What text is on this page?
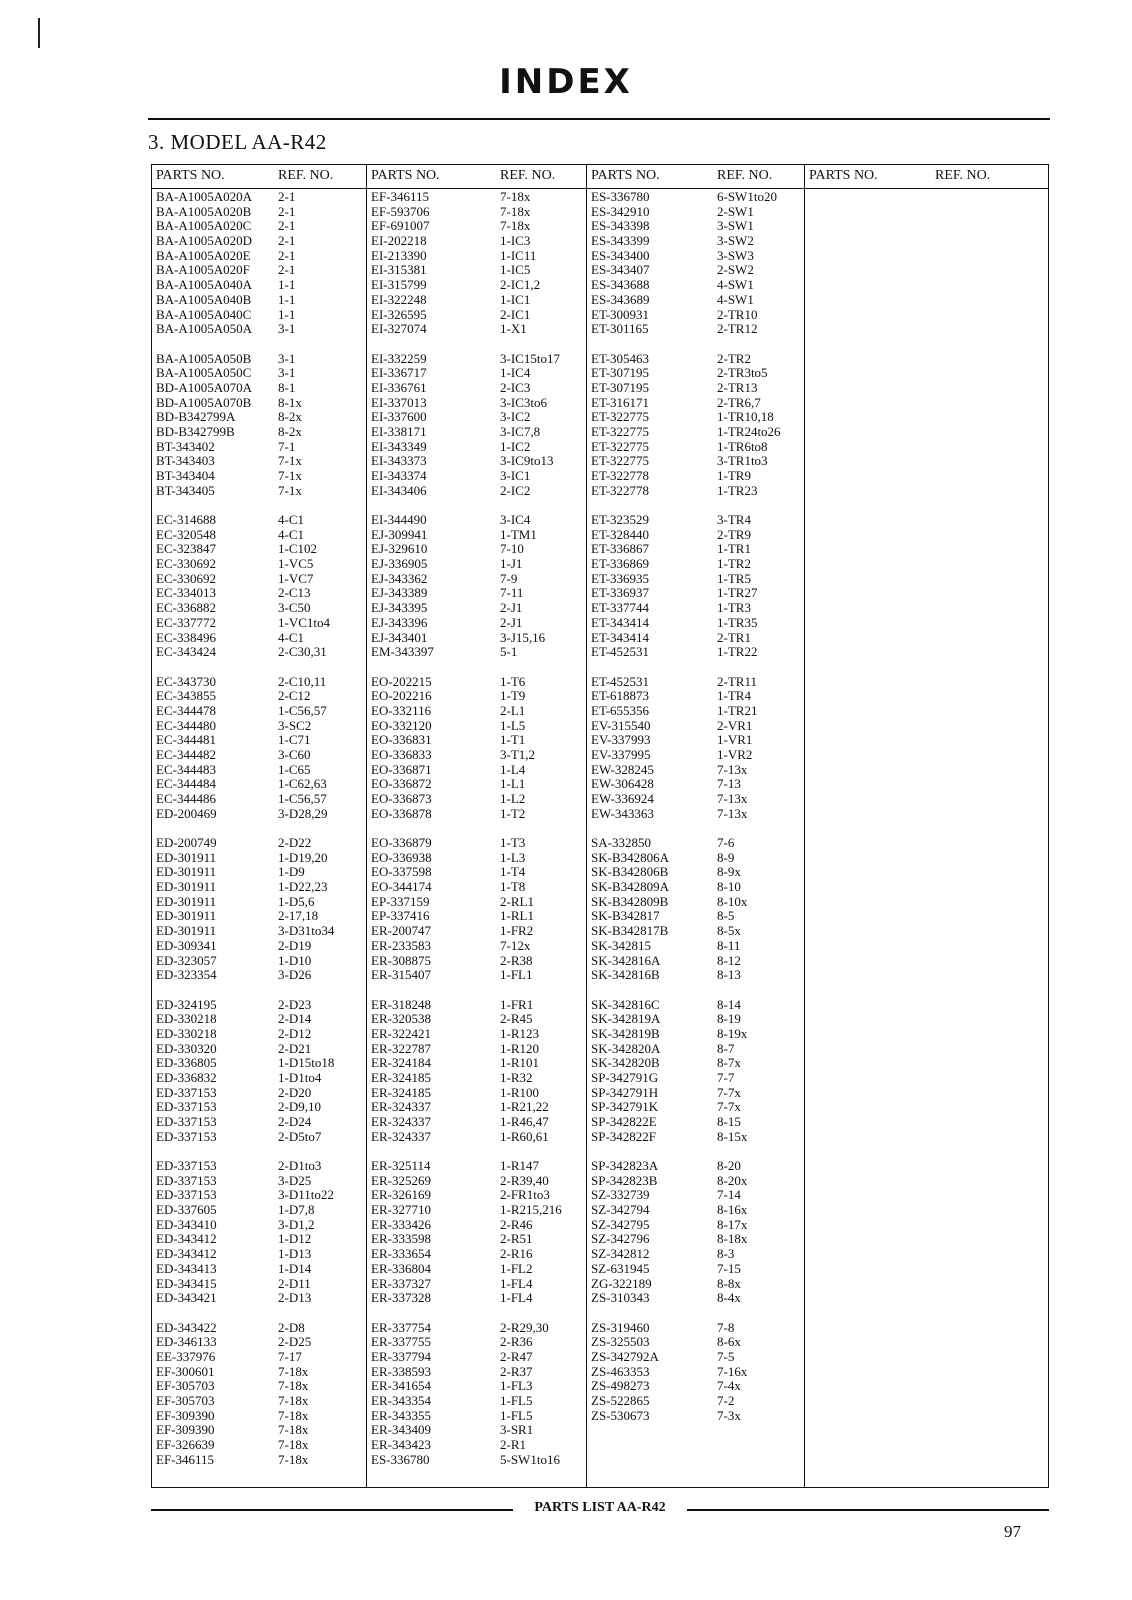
INDEX
3. MODEL AA-R42
PARTS NO.	REF. NO.
BA-A1005A020A 2-1
BA-A1005A020B 2-1
BA-A1005A020C 2-1
BA-A1005A020D 2-1
BA-A1005A020E 2-1
BA-A1005A020F 2-1
BA-A1005A040A 1-1
BA-A1005A040B 1-1
BA-A1005A040C 1-1
BA-A1005A050A 3-1
BA-A1005A050B 3-1
BA-A1005A050C 3-1
BD-A1005A070A 8-1
BD-A1005A070B 8-1x
BD-B342799A	8-2x
BD-B342799B	8-2x
BT-343402	7-1
BT-343403	7-1x
BT-343404	7-1x
BT-343405	7-1x
EC-314688	4-C1
EC-320548	4-C1
EC-323847	1-C102
EC-330692	1-VC5
EC-330692	1-VC7
EC-334013	2-C13
EC-336882	3-C50
EC-337772	1-VC1to4
EC-338496	4-C1
EC-343424	2-C30,31
EC-343730	2-C10,11
EC-343855	2-C12
EC-344478	1-C56,57
EC-344480	3-SC2
EC-344481	1-C71
EC-344482	3-C60
EC-344483	1-C65
EC-344484	1-C62,63
EC-344486	1-C56,57
ED-200469	3-D28,29
ED-200749	2-D22
ED-301911	1-D19,20
ED-301911	1-D9
ED-301911	1-D22,23
ED-301911	1-D5,6
ED-301911	2-17,18
ED-301911	3-D31to34
ED-309341	2-D19
ED-323057	1-D10
ED-323354	3-D26
ED-324195	2-D23
ED-330218	2-D14
ED-330218	2-D12
ED-330320	2-D21
ED-336805	1-D15to18
ED-336832	1-D1to4
ED-337153	2-D20
ED-337153	2-D9,10
ED-337153	2-D24
ED-337153	2-D5to7
ED-337153	2-D1to3
ED-337153	3-D25
ED-337153	3-D11to22
ED-337605	1-D7,8
ED-343410	3-D1,2
ED-343412	1-D12
ED-343412	1-D13
ED-343413	1-D14
ED-343415	2-D11
ED-343421	2-D13
ED-343422	2-D8
ED-346133	2-D25
EE-337976	7-17
EF-300601	7-18x
EF-305703	7-18x
EF-305703	7-18x
EF-309390	7-18x
EF-309390	7-18x
EF-326639	7-18x
EF-346115	7-18x
PARTS NO.	REF. NO.
EF-346115	7-18x
EF-593706	7-18x
EF-691007	7-18x
EI-202218	1-IC3
EI-213390	1-IC11
EI-315381	1-IC5
EI-315799	2-IC1,2
EI-322248	1-IC1
EI-326595	2-IC1
EI-327074	1-X1
EI-332259	3-IC15to17
EI-336717	1-IC4
EI-336761	2-IC3
EI-337013	3-IC3to6
EI-337600	3-IC2
EI-338171	3-IC7,8
EI-343349	1-IC2
EI-343373	3-IC9to13
EI-343374	3-IC1
EI-343406	2-IC2
EI-344490	3-IC4
EJ-309941	1-TM1
EJ-329610	7-10
EJ-336905	1-J1
EJ-343362	7-9
EJ-343389	7-11
EJ-343395	2-J1
EJ-343396	2-J1
EJ-343401	3-J15,16
EM-343397	5-1
EO-202215	1-T6
EO-202216	1-T9
EO-332116	2-L1
EO-332120	1-L5
EO-336831	1-T1
EO-336833	3-T1,2
EO-336871	1-L4
EO-336872	1-L1
EO-336873	1-L2
EO-336878	1-T2
EO-336879	1-T3
EO-336938	1-L3
EO-337598	1-T4
EO-344174	1-T8
EP-337159	2-RL1
EP-337416	1-RL1
ER-200747	1-FR2
ER-233583	7-12x
ER-308875	2-R38
ER-315407	1-FL1
ER-318248	1-FR1
ER-320538	2-R45
ER-322421	1-R123
ER-322787	1-R120
ER-324184	1-R101
ER-324185	1-R32
ER-324185	1-R100
ER-324337	1-R21,22
ER-324337	1-R46,47
ER-324337	1-R60,61
ER-325114	1-R147
ER-325269	2-R39,40
ER-326169	2-FR1to3
ER-327710	1-R215,216
ER-333426	2-R46
ER-333598	2-R51
ER-333654	2-R16
ER-336804	1-FL2
ER-337327	1-FL4
ER-337328	1-FL4
ER-337754	2-R29,30
ER-337755	2-R36
ER-337794	2-R47
ER-338593	2-R37
ER-341654	1-FL3
ER-343354	1-FL5
ER-343355	1-FL5
ER-343409	3-SR1
ER-343423	2-R1
ES-336780	5-SW1to16
PARTS NO.	REF. NO.
ES-336780	6-SW1to20
ES-342910	2-SW1
ES-343398	3-SW1
ES-343399	3-SW2
ES-343400	3-SW3
ES-343407	2-SW2
ES-343688	4-SW1
ES-343689	4-SW1
ET-300931	2-TR10
ET-301165	2-TR12
ET-305463	2-TR2
ET-307195	2-TR3to5
ET-307195	2-TR13
ET-316171	2-TR6,7
ET-322775	1-TR10,18
ET-322775	1-TR24to26
ET-322775	1-TR6to8
ET-322775	3-TR1to3
ET-322778	1-TR9
ET-322778	1-TR23
ET-323529	3-TR4
ET-328440	2-TR9
ET-336867	1-TR1
ET-336869	1-TR2
ET-336935	1-TR5
ET-336937	1-TR27
ET-337744	1-TR3
ET-343414	1-TR35
ET-343414	2-TR1
ET-452531	1-TR22
ET-452531	2-TR11
ET-618873	1-TR4
ET-655356	1-TR21
EV-315540	2-VR1
EV-337993	1-VR1
EV-337995	1-VR2
EW-328245	7-13x
EW-306428	7-13
EW-336924	7-13x
EW-343363	7-13x
SA-332850	7-6
SK-B342806A	8-9
SK-B342806B	8-9x
SK-B342809A	8-10
SK-B342809B	8-10x
SK-B342817	8-5
SK-B342817B	8-5x
SK-342815	8-11
SK-342816A	8-12
SK-342816B	8-13
SK-342816C	8-14
SK-342819A	8-19
SK-342819B	8-19x
SK-342820A	8-7
SK-342820B	8-7x
SP-342791G	7-7
SP-342791H	7-7x
SP-342791K	7-7x
SP-342822E	8-15
SP-342822F	8-15x
SP-342823A	8-20
SP-342823B	8-20x
SZ-332739	7-14
SZ-342794	8-16x
SZ-342795	8-17x
SZ-342796	8-18x
SZ-342812	8-3
SZ-631945	7-15
ZG-322189	8-8x
ZS-310343	8-4x
ZS-319460	7-8
ZS-325503	8-6x
ZS-342792A	7-5
ZS-463353	7-16x
ZS-498273	7-4x
ZS-522865	7-2
ZS-530673	7-3x
PARTS NO.	REF. NO.
PARTS LIST AA-R42
97
